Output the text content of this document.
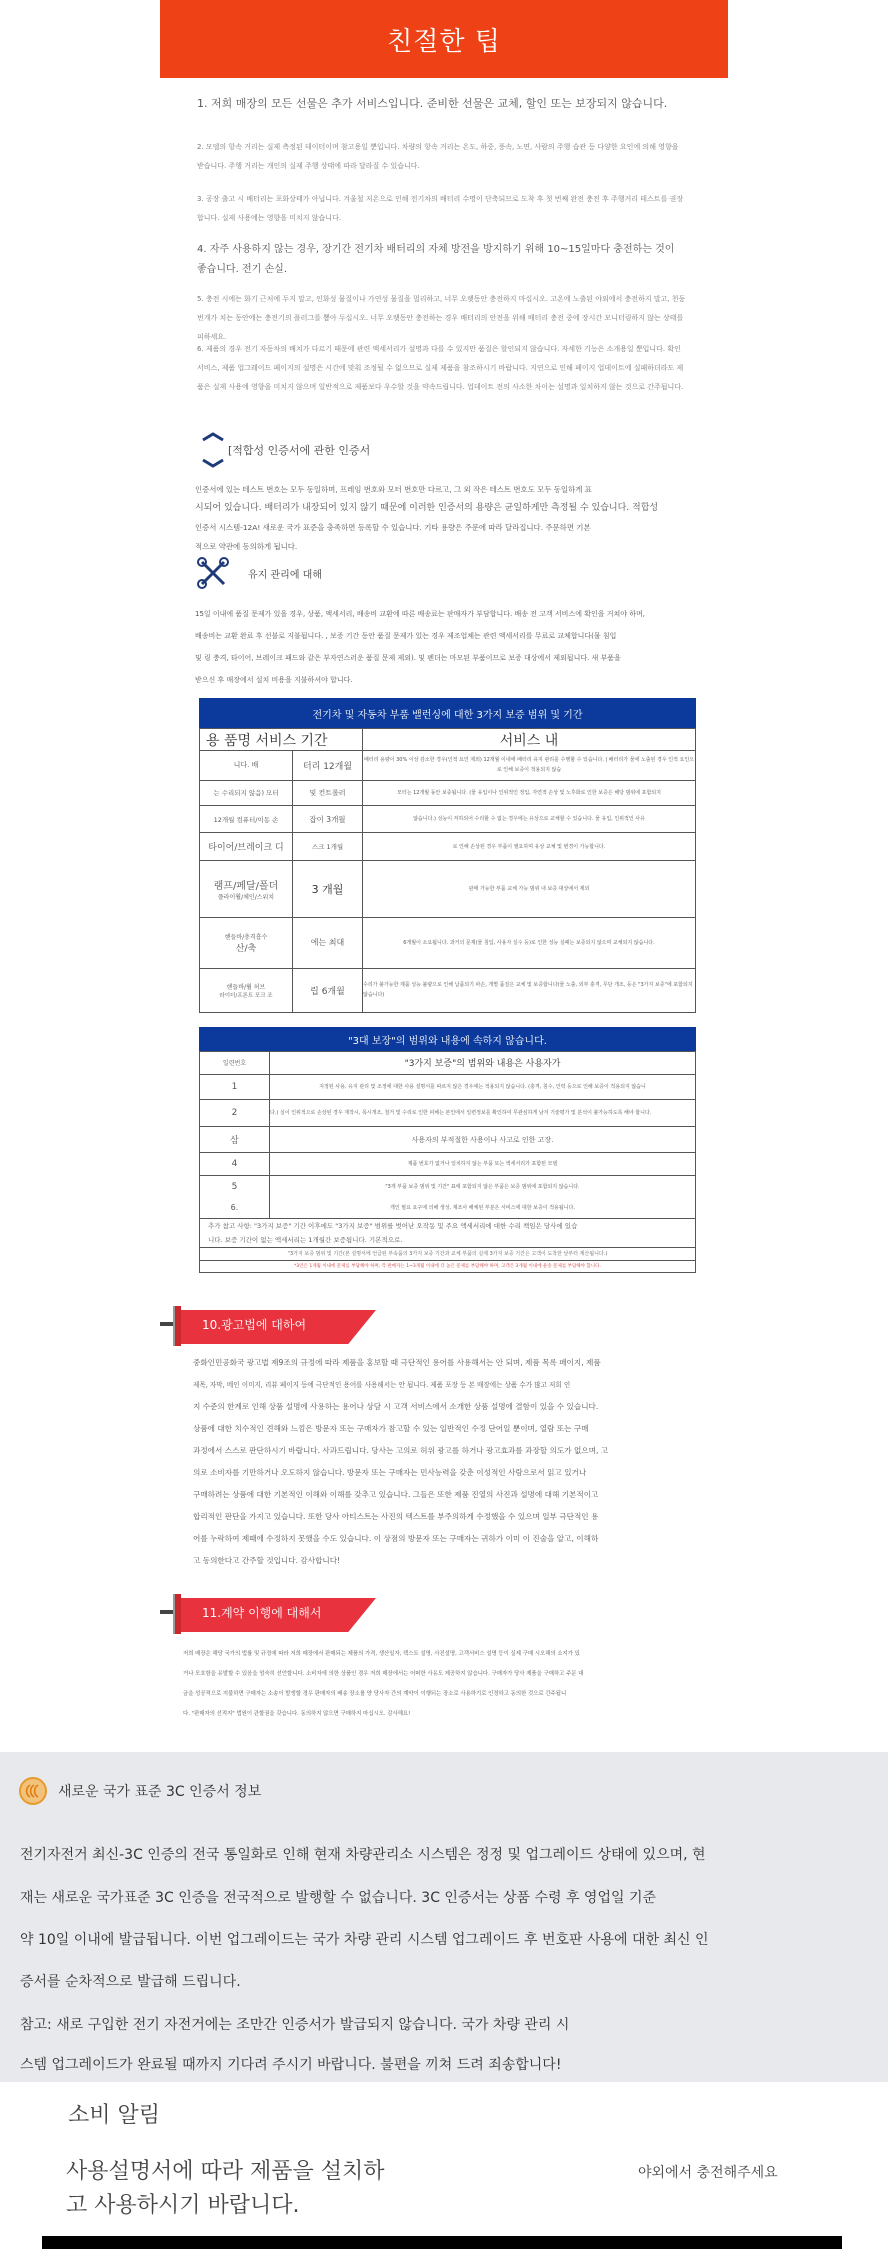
친절한 팁
1. 저희 매장의 모든 선물은 추가 서비스입니다. 준비한 선물은 교체, 할인 또는 보장되지 않습니다.
2. 모델의 항속 거리는 실제 측정된 데이터이며 참고용일 뿐입니다. 차량의 항속 거리는 온도, 하중, 풍속, 노면, 사람의 주행 습관 등 다양한 요인에 의해 영향을 받습니다. 주행 거리는 개인의 실제 주행 상태에 따라 달라질 수 있습니다.
3. 공장 출고 시 배터리는 포화상태가 아닙니다. 겨울철 저온으로 인해 전기차의 배터리 수명이 단축되므로 도착 후 첫 번째 완전 충전 후 주행거리 테스트를 권장합니다. 실제 사용에는 영향을 미치지 않습니다.
4. 자주 사용하지 않는 경우, 장기간 전기차 배터리의 자체 방전을 방지하기 위해 10~15일마다 충전하는 것이 좋습니다. 전기 손실.
5. 충전 시에는 화기 근처에 두지 말고, 인화성 물질이나 가연성 물질을 멀리하고, 너무 오랫동안 충전하지 마십시오. 고온에 노출된 야외에서 충전하지 말고, 천둥번개가 치는 동안에는 충전기의 플러그를 뽑아 두십시오. 너무 오랫동안 충전하는 경우 배터리의 안전을 위해 배터리 충전 중에 장시간 모니터링하지 않는 상태를 피하세요.
6. 제품의 경우 전기 자동차의 배치가 다르기 때문에 관련 액세서리가 설명과 다를 수 있지만 품질은 할인되지 않습니다. 자세한 기능은 소개용일 뿐입니다. 확인 서비스, 제품 업그레이드 페이지의 설명은 시간에 맞춰 조정될 수 없으므로 실제 제품을 참조하시기 바랍니다. 지연으로 인해 페이지 업데이트에 실패하더라도 제품은 실제 사용에 영향을 미치지 않으며 일반적으로 제품보다 우수할 것을 약속드립니다. 업데이트 전의 사소한 차이는 설명과 일치하지 않는 것으로 간주됩니다.
[적합성 인증서에 관한 인증서
인증서에 있는 테스트 번호는 모두 동일하며, 프레임 번호와 모터 번호만 다르고, 그 외 작은 테스트 번호도 모두 동일하게 표
시되어 있습니다. 배터리가 내장되어 있지 않기 때문에 이러한 인증서의 용량은 균일하게만 측정될 수 있습니다. 적합성
인증서 시스템-12A! 새로운 국가 표준을 충족하면 등록할 수 있습니다. 기타 용량은 주문에 따라 달라집니다. 주문하면 기본
적으로 약관에 동의하게 됩니다.
유지 관리에 대해
15일 이내에 품질 문제가 있을 경우, 상품, 액세서리, 배송비 교환에 따른 배송료는 판매자가 부담합니다. 배송 전 고객 서비스에 확인을 거쳐야 하며,
배송비는 교환 완료 후 선불로 지불됩니다. , 보증 기간 동안 품질 문제가 있는 경우 제조업체는 관련 액세서리를 무료로 교체합니다(물 침입
및 링 충격, 타이어, 브레이크 패드와 같은 부자연스러운 품질 문제 제외). 및 펜더는 마모된 부품이므로 보증 대상에서 제외됩니다. 새 부품을
받으신 후 매장에서 설치 비용을 지불하셔야 합니다.
전기차 및 자동차 부품 밸런싱에 대한 3가지 보증 범위 및 기간
용 품명 서비스 기간		서비스 내
니다. 배	터리 12개월	배터리 용량이 30% 이상 감소한 경우(인적 요인 제외) 12개월 이내에 배터리 유지 관리를 수행할 수 있습니다. | 배터리가 물에 노출된 경우 인적 요인으로 인해 보증이 적용되지 않습
는 수리되지 않음) 모터	및 컨트롤러	모터는 12개월 동안 보증됩니다. (물 유입이나 인위적인 정입, 자연적 손상 및 노후화로 인한 보증은 해당 범위에 포함되지
12개월 컴퓨터/이동 손	잡이 3개월	않습니다.) 성능이 저하되어 수리할 수 없는 경우에는 유상으로 교체할 수 있습니다. 물 유입, 인위적인 사유
타이어/브레이크 디	스크 1개월	로 인해 손상된 경우 부품이 필요하며 유상 교체 및 변경이 가능합니다.

램프/페달/폴더
플라이휠/체인/스위치	3 개월	판매 가능한 부품 교체 가능 범위 내 보증 대상에서 제외

핸들바/충격흡수
산/축	에는 최대	6개월이 소요됩니다. 과거의 문제(물 침입, 사용자 실수 등)로 인한 성능 실패는 보증되지 않으며 교체되지 않습니다.

핸들바/휠 허브
라이더/프론트 포크 조	립 6개월	수리가 불가능한 제품 성능 불량으로 인해 납품되기 파손, 개별 품질은 교체 및 보증합니다(물 노출, 외부 충격, 무단 개조, 등은 "3가지 보증"에 포함되지 않습니다)
"3대 보장"의 범위와 내용에 속하지 않습니다.
일련번호	"3가지 보증"의 범위와 내용은 사용자가
1	지정된 사용, 유지 관리 및 조정에 대한 사용 설명서를 따르지 않은 경우에는 적용되지 않습니다. (충격, 침수, 인력 등으로 인해 보증이 적용되지 않습니
2	다.) 실이 인위적으로 손상된 경우 재작시, 목시개조, 철거 및 수리로 인한 피해는 본인에서 일련정보를 확인하여 무관심하게 남겨 기술평가 및 분석이 불가능하도록 해야 합니다.
삼	사용자의 부적절한 사용이나 사고로 인한 고장.
4	제품 번호가 없거나 일치하지 않는 부품 또는 액세서리가 포함된 모델
5	"3개 부품 보증 범위 및 기간" 표에 포함되지 않은 부품은 보증 범위에 포함되지 않습니다.
6.	개인 필요 요구에 의해 생성, 제조사 해체된 부분은 서비스에 대한 보증이 적용됩니다.
추가 참고 사항: "3가지 보증" 기간 이후에도 "3가지 보증" 범위를 벗어난 오작동 및 주요 액세서리에 대한 수리 책임은 당사에 있습
니다. 보증 기간이 없는 액세서리는 1개월간 보증됩니다. 기본적으로.
"3가지 보증 범위 및 기간(본 설명서에 언급된 부속품의 3가지 보증 기간과 교체 부품의 실제 3가지 보증 기간은 고객이 도착한 날부터 계산됩니다.)
*3인은 1개월 이내에 문제를 부담해야 하며, 각 판매자는 1~3개월 이내에 더 높은 문제를 부담해야 하며, 고객은 3개월 이내에 운송 문제를 부담해야 합니다.
10.광고법에 대하여
중화인민공화국 광고법 제9조의 규정에 따라 제품을 홍보할 때 극단적인 용어를 사용해서는 안 되며, 제품 목록 페이지, 제품
제목, 자막, 메인 이미지, 리뷰 페이지 등에 극단적인 용어를 사용해서는 안 됩니다. 제품 포장 등 본 매장에는 상품 수가 많고 저희 인
지 수준의 한계로 인해 상품 설명에 사용하는 용어나 상담 시 고객 서비스에서 소개한 상품 설명에 결함이 있을 수 있습니다.
상품에 대한 치수적인 견해와 느낌은 방문자 또는 구매자가 참고할 수 있는 일반적인 수정 단어일 뿐이며, 열람 또는 구매
과정에서 스스로 판단하시기 바랍니다. 사과드립니다. 당사는 고의로 허위 광고를 하거나 광고효과를 과장할 의도가 없으며, 고
의로 소비자를 기만하거나 오도하지 않습니다. 방문자 또는 구매자는 민사능력을 갖춘 이성적인 사람으로서 읽고 있거나
구매하려는 상품에 대한 기본적인 이해와 이해를 갖추고 있습니다. 그들은 또한 제품 진열의 사진과 설명에 대해 기본적이고
합리적인 판단을 가지고 있습니다. 또한 당사 아티스트는 사진의 텍스트를 부주의하게 수정했을 수 있으며 일부 극단적인 용
어를 누락하여 제때에 수정하지 못했을 수도 있습니다. 이 상점의 방문자 또는 구매자는 귀하가 이미 이 진술을 알고, 이해하
고 동의한다고 간주할 것입니다. 감사합니다!
11.계약 이행에 대해서
저희 매장은 해당 국가의 법률 및 규정에 따라 저희 매장에서 판매되는 제품의 가격, 생산일자, 텍스트 설명, 사진설명, 고객서비스 설명 등이 실제 구매 시오해의 소지가 있
거나 모호함을 유발할 수 있음을 엄숙히 선언합니다. 소비자에 의한 상품인 경우 저희 매장에서는 어떠한 사유도 제공하지 않습니다. 구매자가 당사 제품을 구매하고 주문 대
금을 성공적으로 지불하면 구매자는 소송이 발생할 경우 판매자의 배송 장소를 양 당사자 간의 계약이 이행되는 장소로 사용하기로 인정하고 동의한 것으로 간주됩니
다. "판매자의 선적지" 법원이 관할권을 갖습니다. 동의하지 않으면 구매하지 마십시오. 감사해요!
새로운 국가 표준 3C 인증서 정보
전기자전거 최신-3C 인증의 전국 통일화로 인해 현재 차량관리소 시스템은 정정 및 업그레이드 상태에 있으며, 현
재는 새로운 국가표준 3C 인증을 전국적으로 발행할 수 없습니다. 3C 인증서는 상품 수령 후 영업일 기준
약 10일 이내에 발급됩니다. 이번 업그레이드는 국가 차량 관리 시스템 업그레이드 후 번호판 사용에 대한 최신 인
증서를 순차적으로 발급해 드립니다.
참고: 새로 구입한 전기 자전거에는 조만간 인증서가 발급되지 않습니다. 국가 차량 관리 시
스템 업그레이드가 완료될 때까지 기다려 주시기 바랍니다. 불편을 끼쳐 드려 죄송합니다!
소비 알림
사용설명서에 따라 제품을 설치하
고 사용하시기 바랍니다.
야외에서 충전해주세요
